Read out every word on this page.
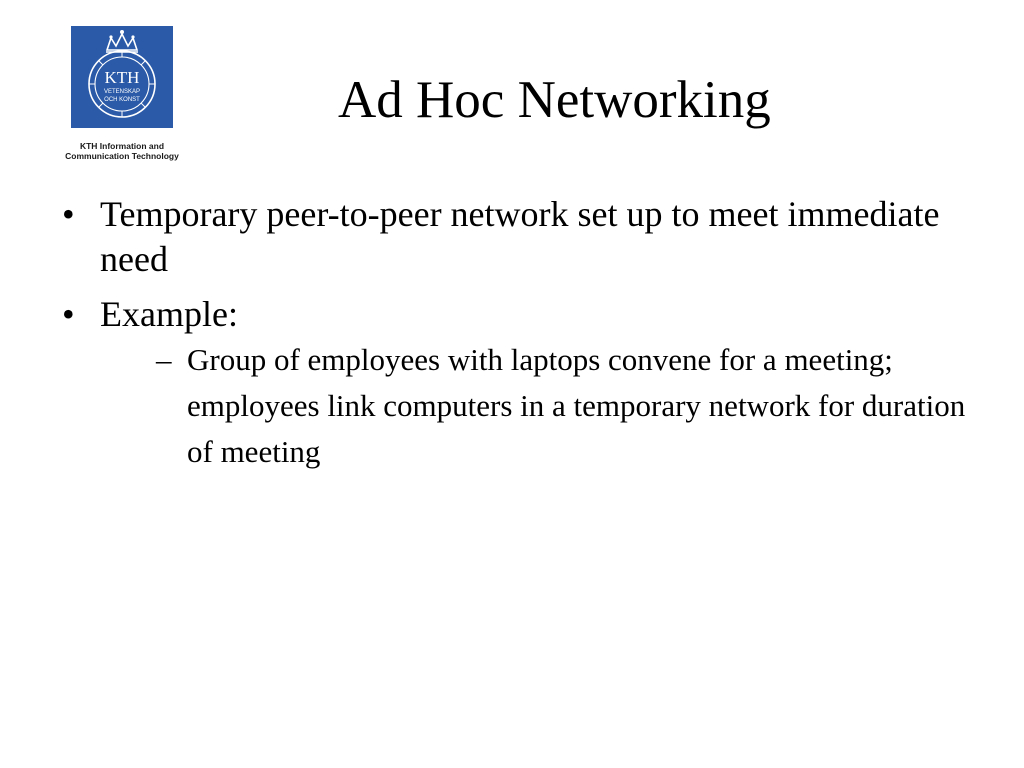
KTH
VETENSKAP
OCH KONST
KTH Information and
Communication Technology
Ad Hoc Networking
• Temporary peer-to-peer network set up to meet immediate need
• Example:
– Group of employees with laptops convene for a meeting; employees link computers in a temporary network for duration of meeting
